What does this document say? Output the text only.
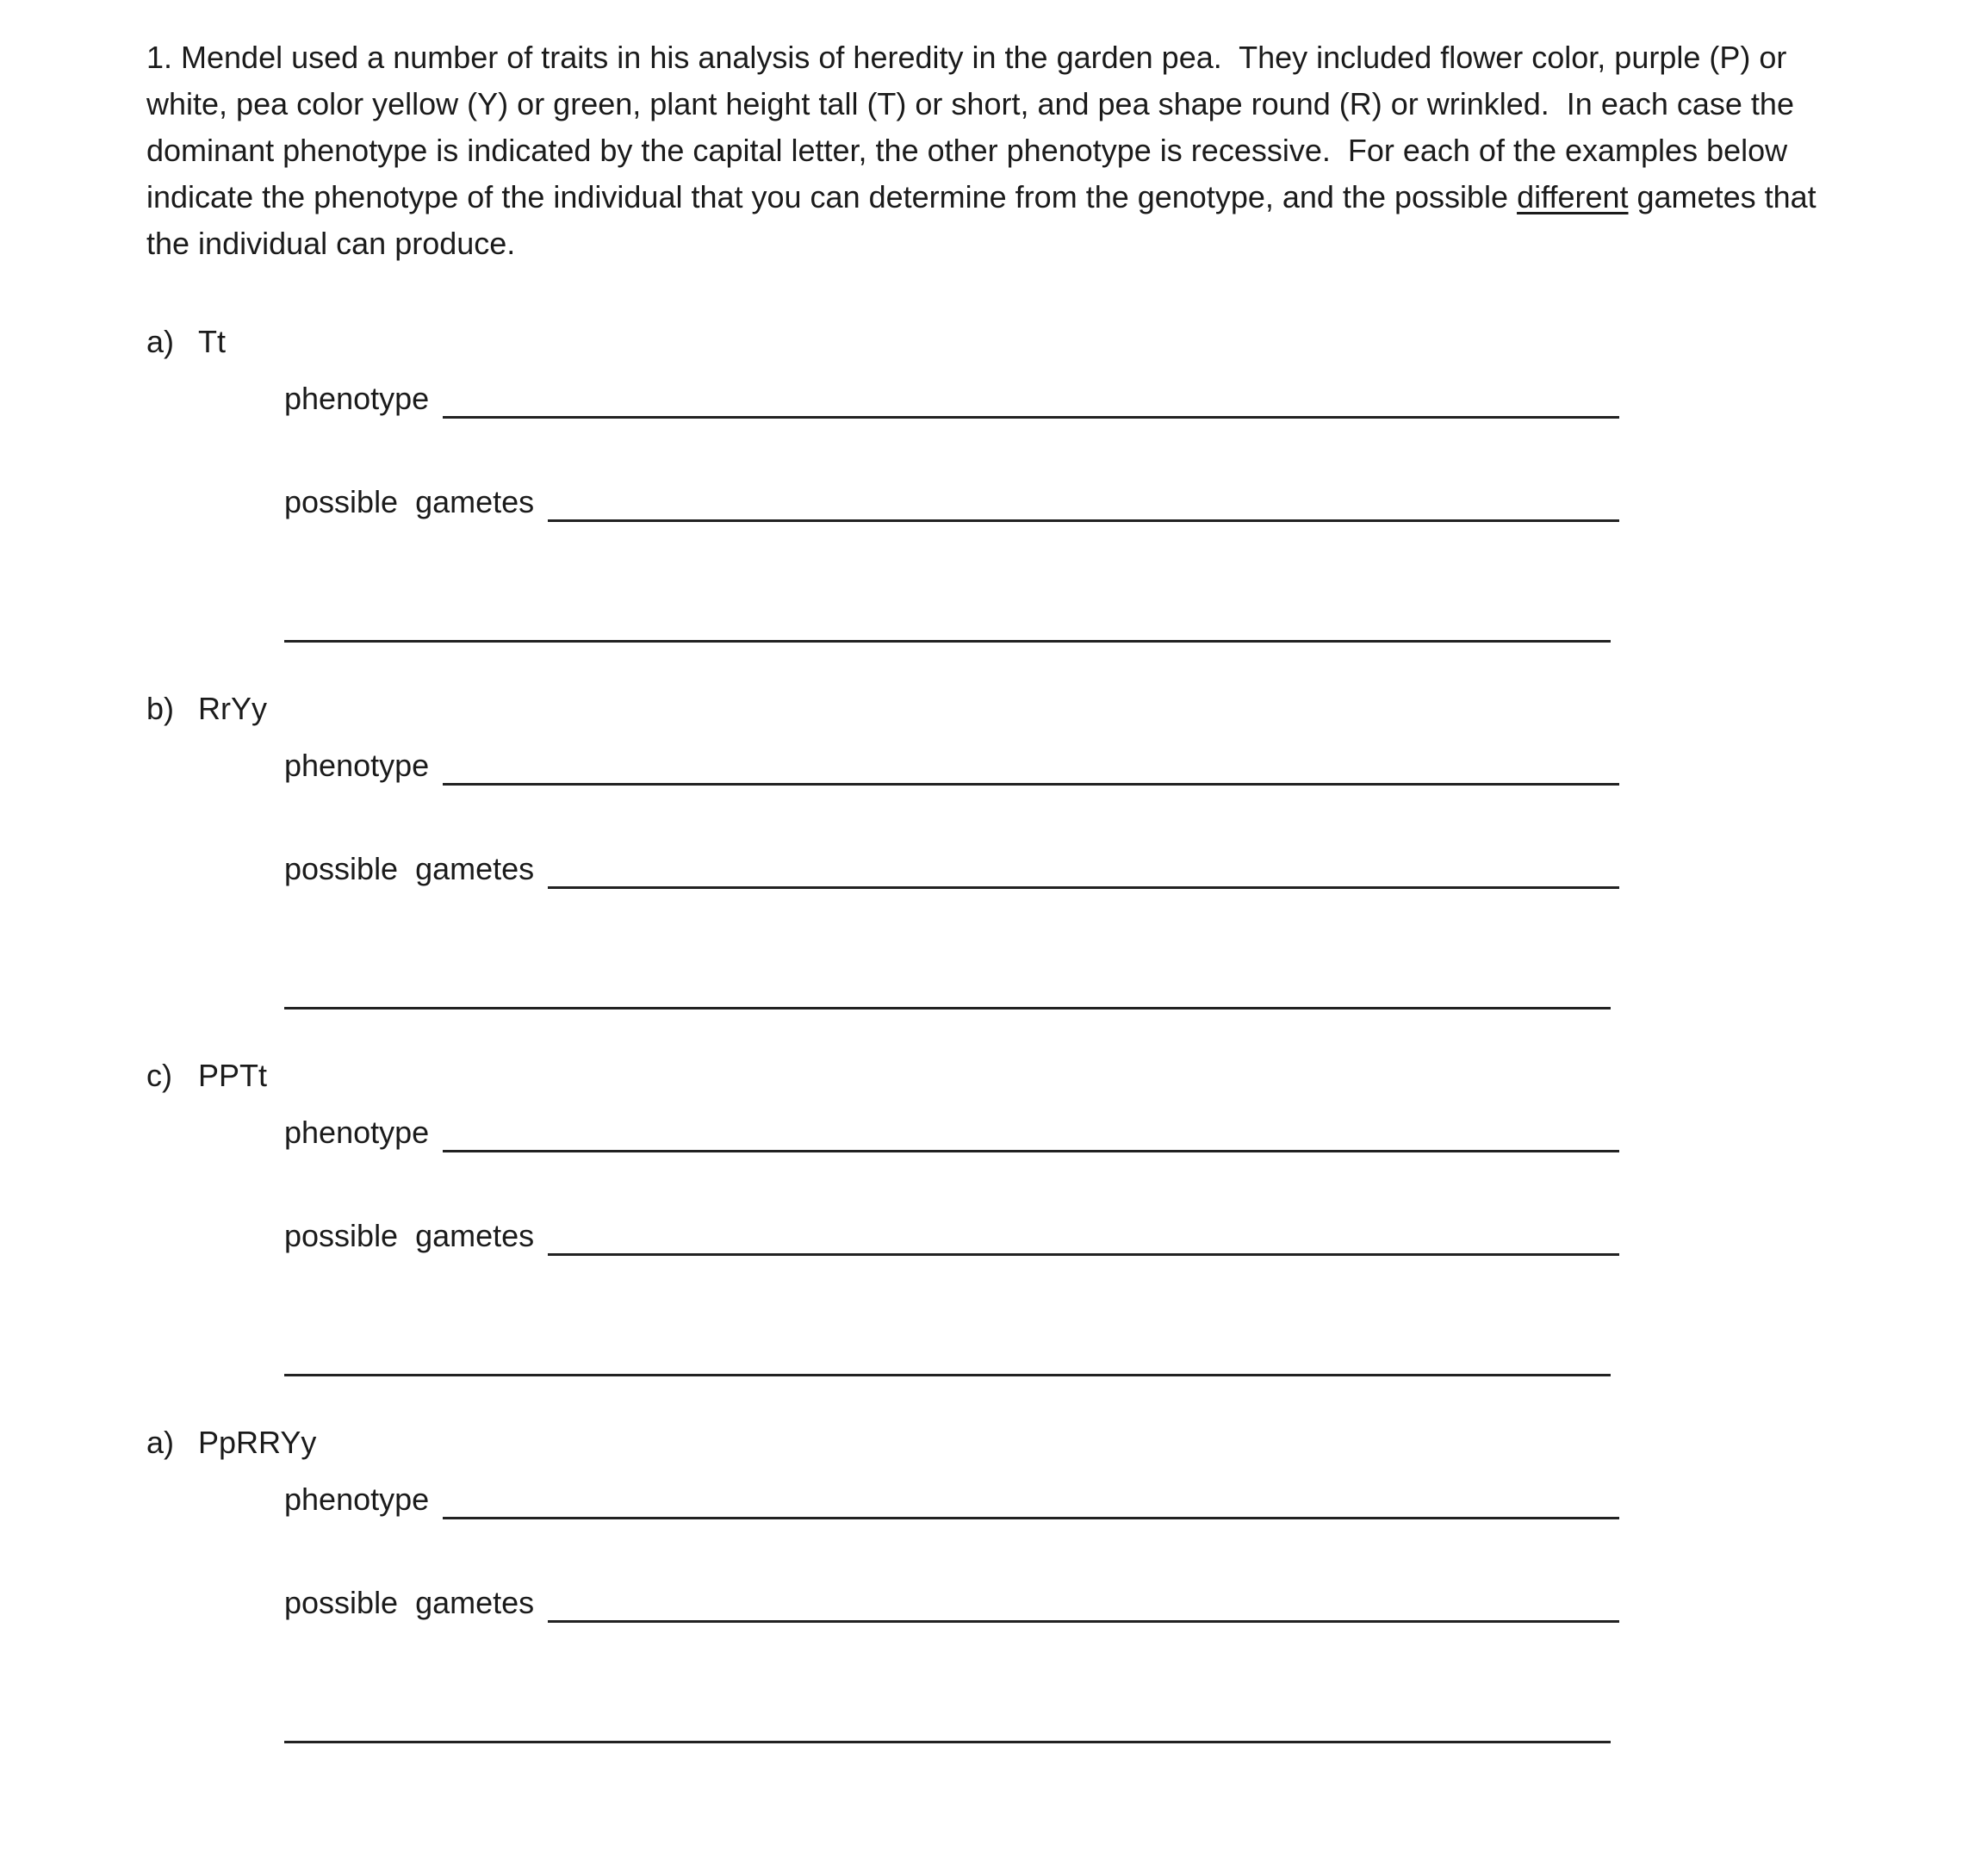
1. Mendel used a number of traits in his analysis of heredity in the garden pea.  They included flower color, purple (P) or white, pea color yellow (Y) or green, plant height tall (T) or short, and pea shape round (R) or wrinkled.  In each case the dominant phenotype is indicated by the capital letter, the other phenotype is recessive.  For each of the examples below indicate the phenotype of the individual that you can determine from the genotype, and the possible different gametes that the individual can produce.

a) Tt
phenotype
possible  gametes
b) RrYy
phenotype
possible  gametes
c) PPTt
phenotype
possible  gametes
a) PpRRYy
phenotype
possible  gametes
